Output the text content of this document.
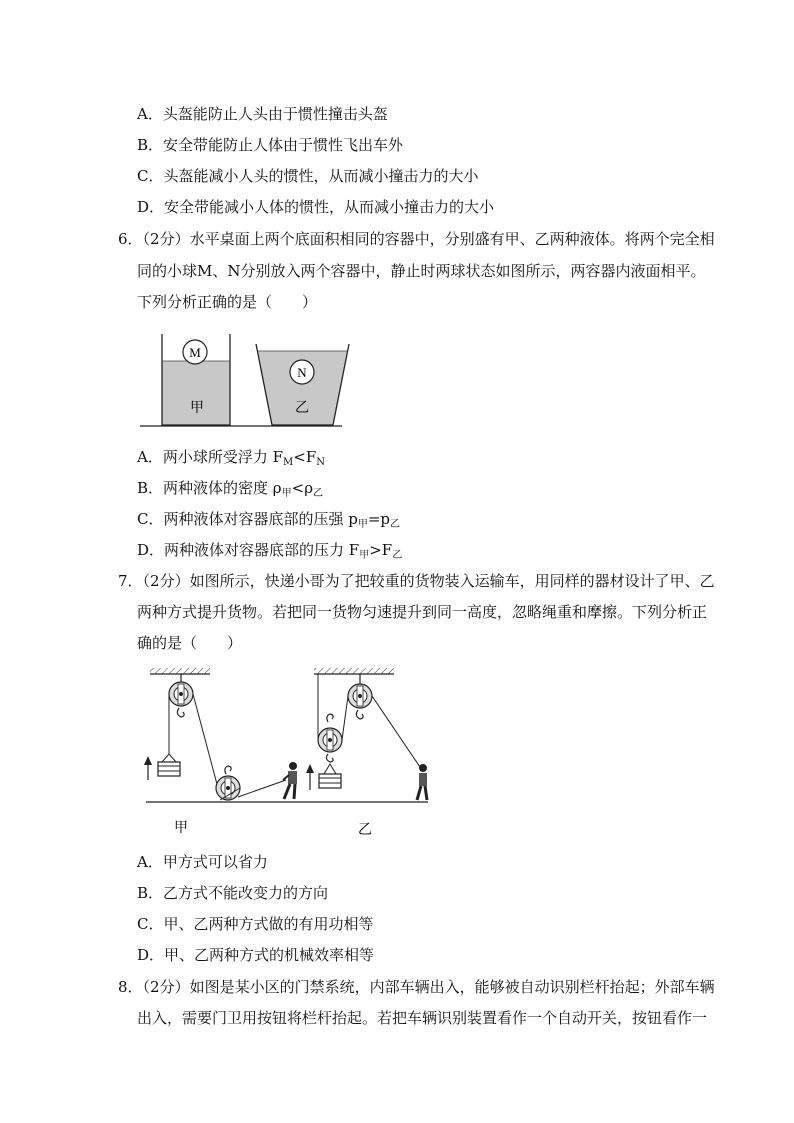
A．头盔能防止人头由于惯性撞击头盔
B．安全带能防止人体由于惯性飞出车外
C．头盔能减小人头的惯性，从而减小撞击力的大小
D．安全带能减小人体的惯性，从而减小撞击力的大小
6．（2分）水平桌面上两个底面积相同的容器中，分别盛有甲、乙两种液体。将两个完全相
同的小球M、N分别放入两个容器中，静止时两球状态如图所示，两容器内液面相平。
下列分析正确的是（　　）
M
甲
N
乙
A．两小球所受浮力 $F_M<F_N$
B．两种液体的密度 $\rho_甲<\rho_乙$
C．两种液体对容器底部的压强 $p_甲=p_乙$
D．两种液体对容器底部的压力 $F_甲>F_乙$
7．（2分）如图所示，快递小哥为了把较重的货物装入运输车，用同样的器材设计了甲、乙
两种方式提升货物。若把同一货物匀速提升到同一高度，忽略绳重和摩擦。下列分析正
确的是（　　）
甲	乙
A．甲方式可以省力
B．乙方式不能改变力的方向
C．甲、乙两种方式做的有用功相等
D．甲、乙两种方式的机械效率相等
8．（2分）如图是某小区的门禁系统，内部车辆出入，能够被自动识别栏杆抬起；外部车辆
出入，需要门卫用按钮将栏杆抬起。若把车辆识别装置看作一个自动开关，按钮看作一
